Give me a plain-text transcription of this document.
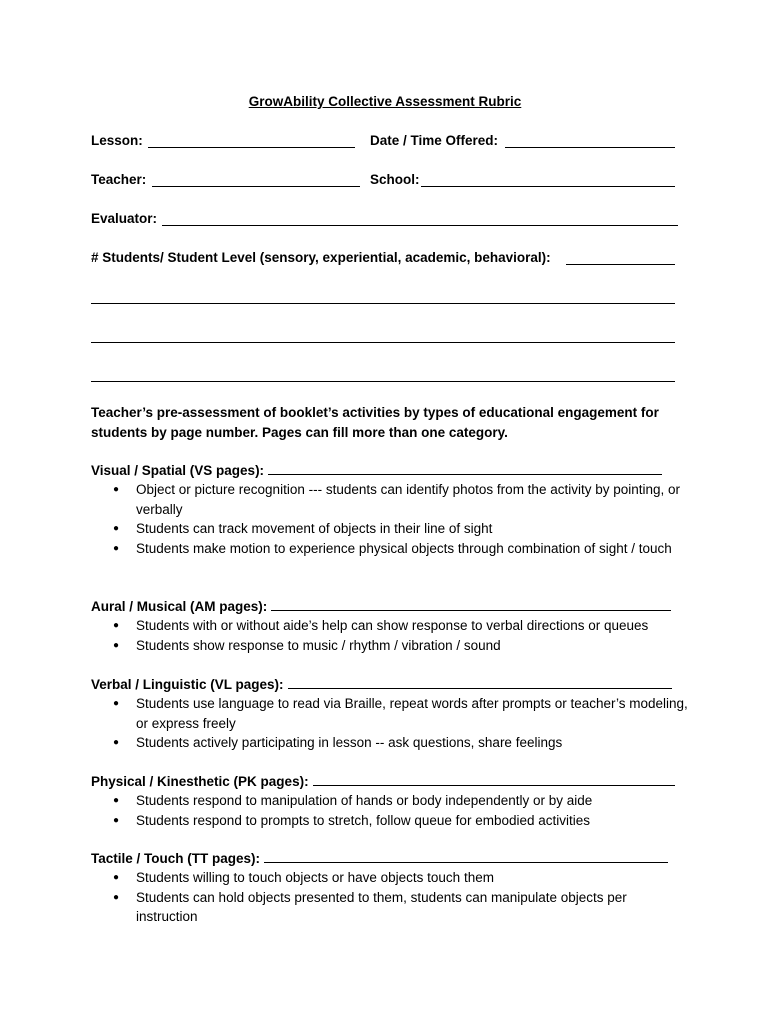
GrowAbility Collective Assessment Rubric
Lesson:	Date / Time Offered:
Teacher:	School:
Evaluator:
# Students/ Student Level (sensory, experiential, academic, behavioral):
Teacher’s pre-assessment of booklet’s activities by types of educational engagement for students by page number. Pages can fill more than one category.
Visual / Spatial (VS pages):
● Object or picture recognition --- students can identify photos from the activity by pointing, or verbally
● Students can track movement of objects in their line of sight
● Students make motion to experience physical objects through combination of sight / touch
Aural / Musical (AM pages):
● Students with or without aide’s help can show response to verbal directions or queues
● Students show response to music / rhythm / vibration / sound
Verbal / Linguistic (VL pages):
● Students use language to read via Braille, repeat words after prompts or teacher’s modeling, or express freely
● Students actively participating in lesson -- ask questions, share feelings
Physical / Kinesthetic (PK pages):
● Students respond to manipulation of hands or body independently or by aide
● Students respond to prompts to stretch, follow queue for embodied activities
Tactile / Touch (TT pages):
● Students willing to touch objects or have objects touch them
● Students can hold objects presented to them, students can manipulate objects per instruction
